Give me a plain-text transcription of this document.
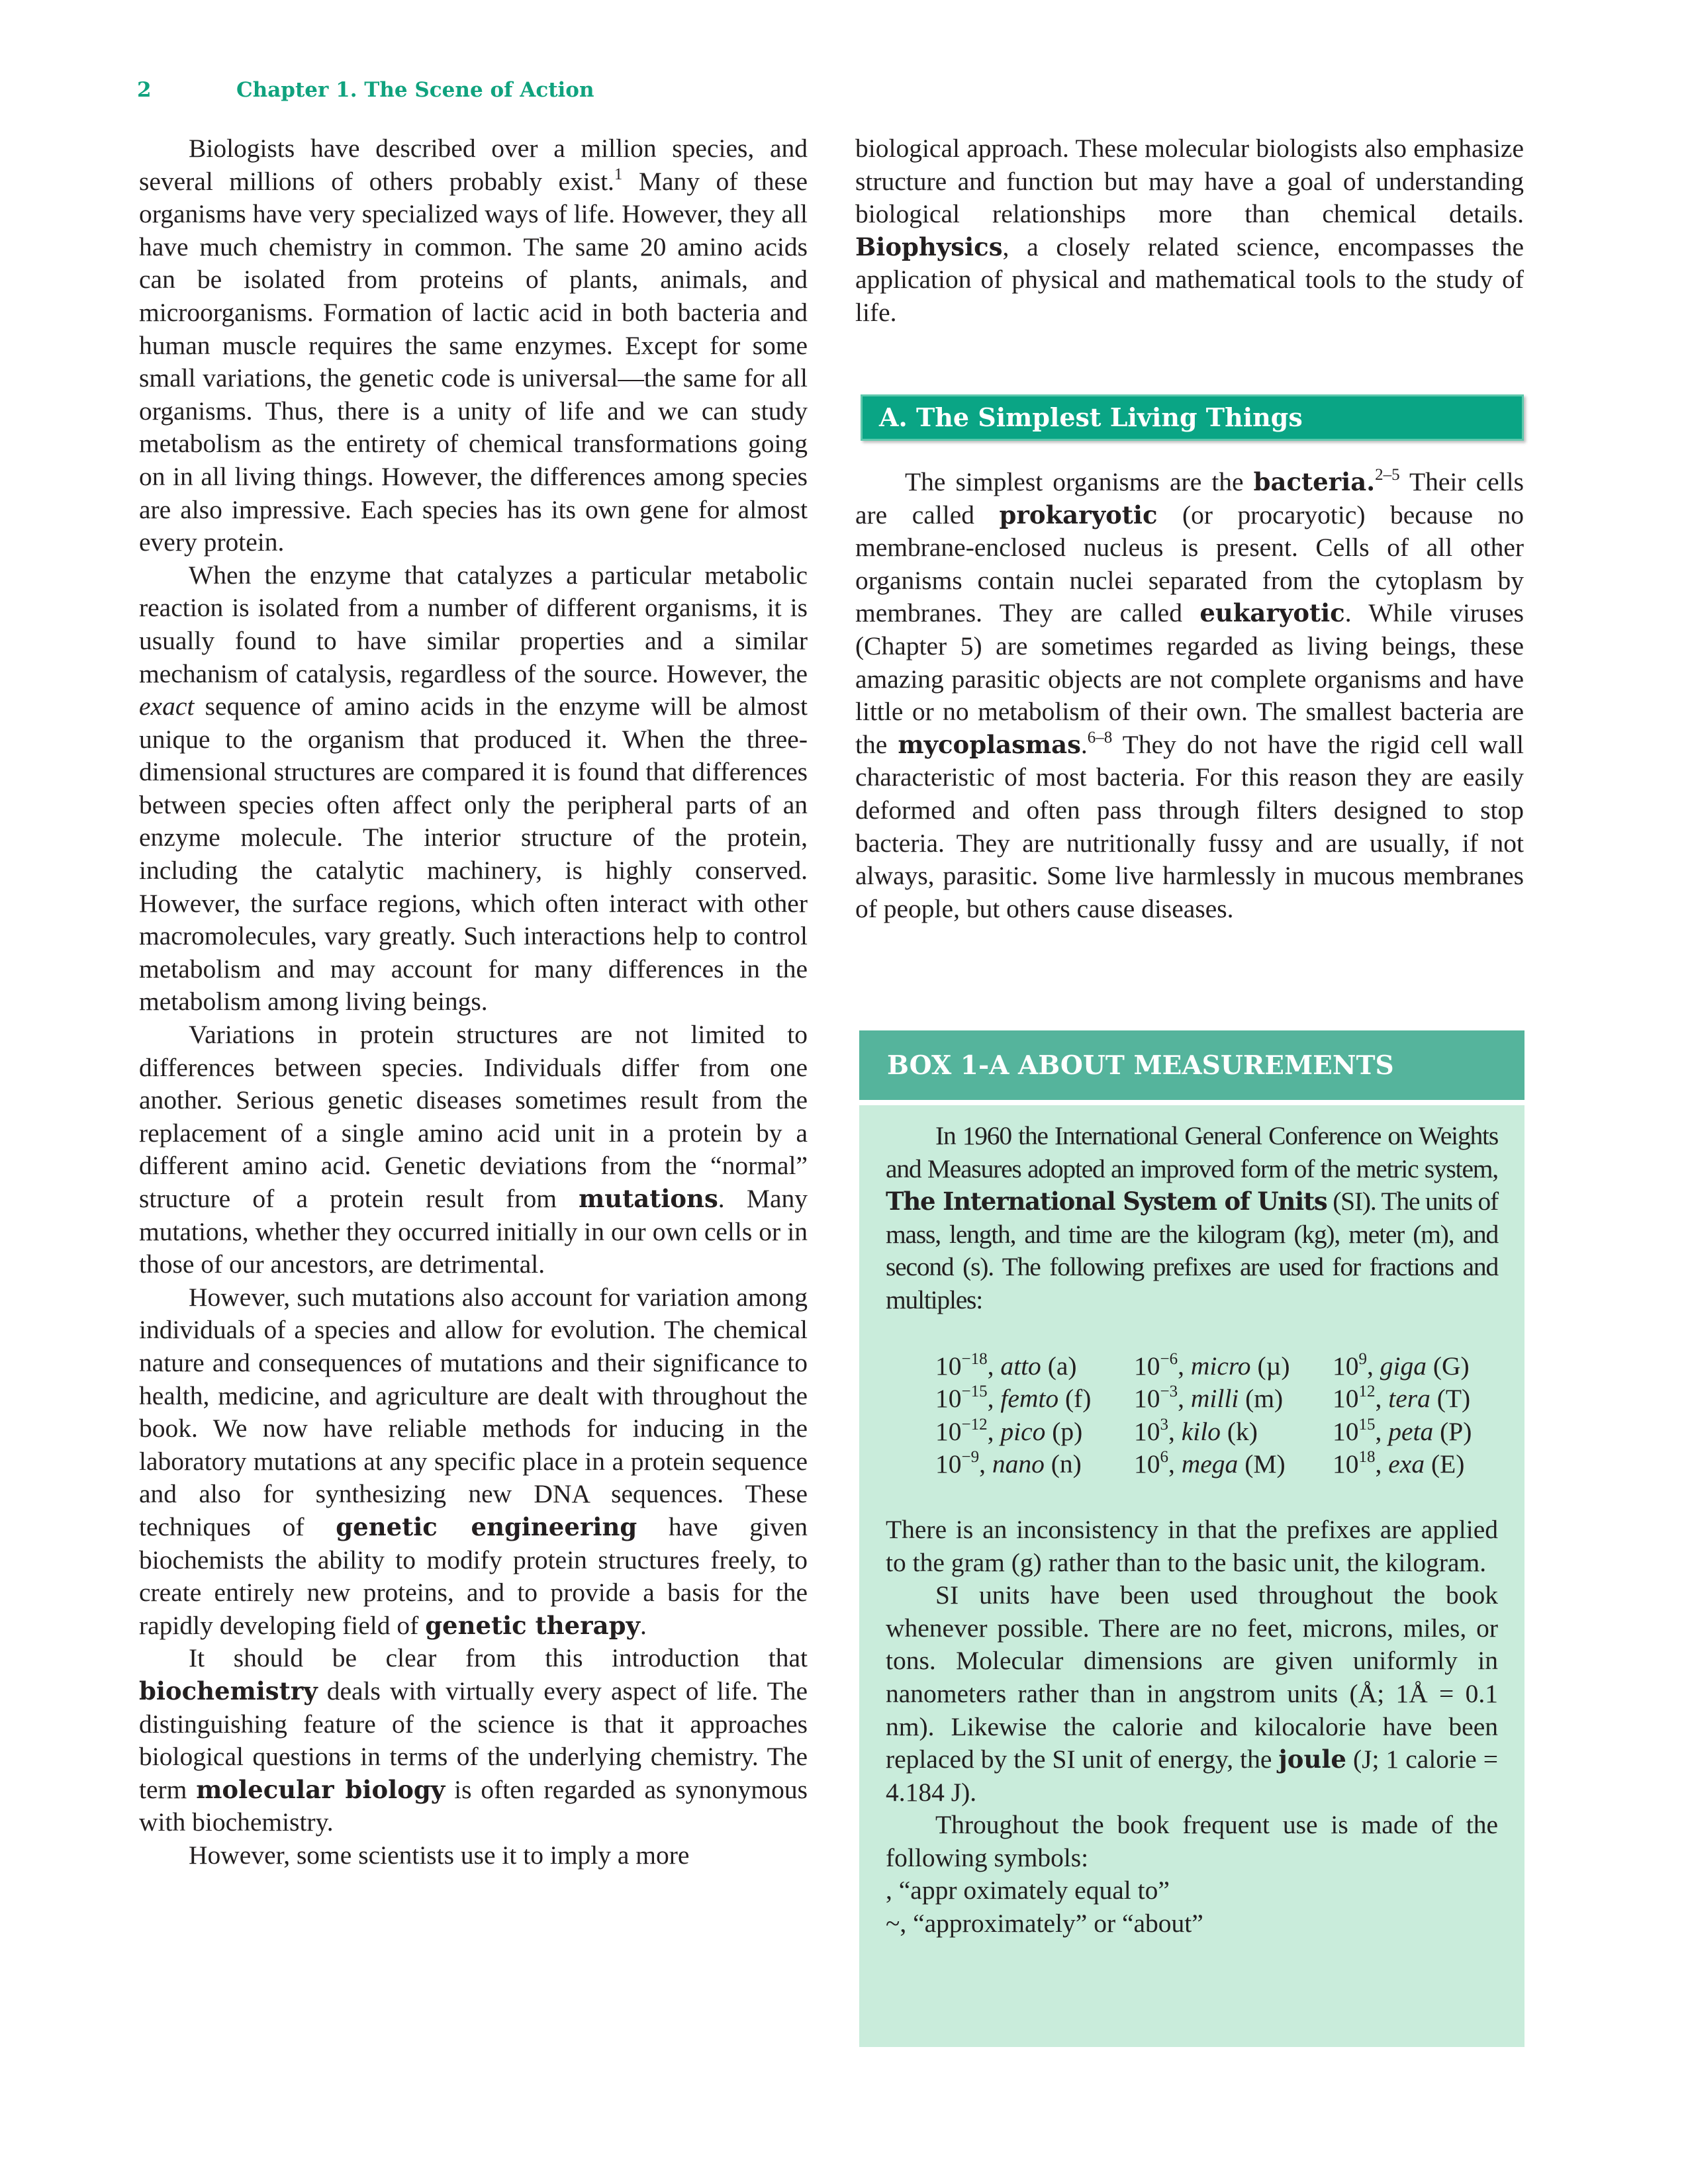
2	Chapter 1. The Scene of Action

Biologists have described over a million species, and several millions of others probably exist.$^1$ Many of these organisms have very specialized ways of life. However, they all have much chemistry in common. The same 20 amino acids can be isolated from proteins of plants, animals, and microorganisms. Formation of lactic acid in both bacteria and human muscle requires the same enzymes. Except for some small variations, the genetic code is universal—the same for all organisms. Thus, there is a unity of life and we can study metabolism as the entirety of chemical transformations going on in all living things. However, the differences among species are also impressive. Each species has its own gene for almost every protein.

When the enzyme that catalyzes a particular metabolic reaction is isolated from a number of different organisms, it is usually found to have similar properties and a similar mechanism of catalysis, regardless of the source. However, the exact sequence of amino acids in the enzyme will be almost unique to the organism that produced it. When the three-dimensional structures are compared it is found that differences between species often affect only the peripheral parts of an enzyme molecule. The interior structure of the protein, including the catalytic machinery, is highly conserved. However, the surface regions, which often interact with other macromolecules, vary greatly. Such interactions help to control metabolism and may account for many differences in the metabolism among living beings.

Variations in protein structures are not limited to differences between species. Individuals differ from one another. Serious genetic diseases sometimes result from the replacement of a single amino acid unit in a protein by a different amino acid. Genetic deviations from the “normal” structure of a protein result from mutations. Many mutations, whether they occurred initially in our own cells or in those of our ancestors, are detrimental.

However, such mutations also account for variation among individuals of a species and allow for evolution. The chemical nature and consequences of mutations and their significance to health, medicine, and agriculture are dealt with throughout the book. We now have reliable methods for inducing in the laboratory mutations at any specific place in a protein sequence and also for synthesizing new DNA sequences. These techniques of genetic engineering have given biochemists the ability to modify protein structures freely, to create entirely new proteins, and to provide a basis for the rapidly developing field of genetic therapy.

It should be clear from this introduction that biochemistry deals with virtually every aspect of life. The distinguishing feature of the science is that it approaches biological questions in terms of the underlying chemistry. The term molecular biology is often regarded as synonymous with biochemistry.

However, some scientists use it to imply a more

biological approach. These molecular biologists also emphasize structure and function but may have a goal of understanding biological relationships more than chemical details. Biophysics, a closely related science, encompasses the application of physical and mathematical tools to the study of life.

A. The Simplest Living Things

The simplest organisms are the bacteria.$^{2-5}$ Their cells are called prokaryotic (or procaryotic) because no membrane-enclosed nucleus is present. Cells of all other organisms contain nuclei separated from the cytoplasm by membranes. They are called eukaryotic. While viruses (Chapter 5) are sometimes regarded as living beings, these amazing parasitic objects are not complete organisms and have little or no metabolism of their own. The smallest bacteria are the mycoplasmas.$^{6-8}$ They do not have the rigid cell wall characteristic of most bacteria. For this reason they are easily deformed and often pass through filters designed to stop bacteria. They are nutritionally fussy and are usually, if not always, parasitic. Some live harmlessly in mucous membranes of people, but others cause diseases.

BOX 1-A ABOUT MEASUREMENTS

In 1960 the International General Conference on Weights and Measures adopted an improved form of the metric system, The International System of Units (SI). The units of mass, length, and time are the kilogram (kg), meter (m), and second (s). The following prefixes are used for fractions and multiples:

$10^{-18}$, atto (a)	$10^{-6}$, micro (µ)	$10^9$, giga (G)
$10^{-15}$, femto (f)	$10^{-3}$, milli (m)	$10^{12}$, tera (T)
$10^{-12}$, pico (p)	$10^3$, kilo (k)	$10^{15}$, peta (P)
$10^{-9}$, nano (n)	$10^6$, mega (M)	$10^{18}$, exa (E)

There is an inconsistency in that the prefixes are applied to the gram (g) rather than to the basic unit, the kilogram.

SI units have been used throughout the book whenever possible. There are no feet, microns, miles, or tons. Molecular dimensions are given uniformly in nanometers rather than in angstrom units (Å; 1Å = 0.1 nm). Likewise the calorie and kilocalorie have been replaced by the SI unit of energy, the joule (J; 1 calorie = 4.184 J).

Throughout the book frequent use is made of the following symbols:

, “appr oximately equal to”

~, “approximately” or “about”
